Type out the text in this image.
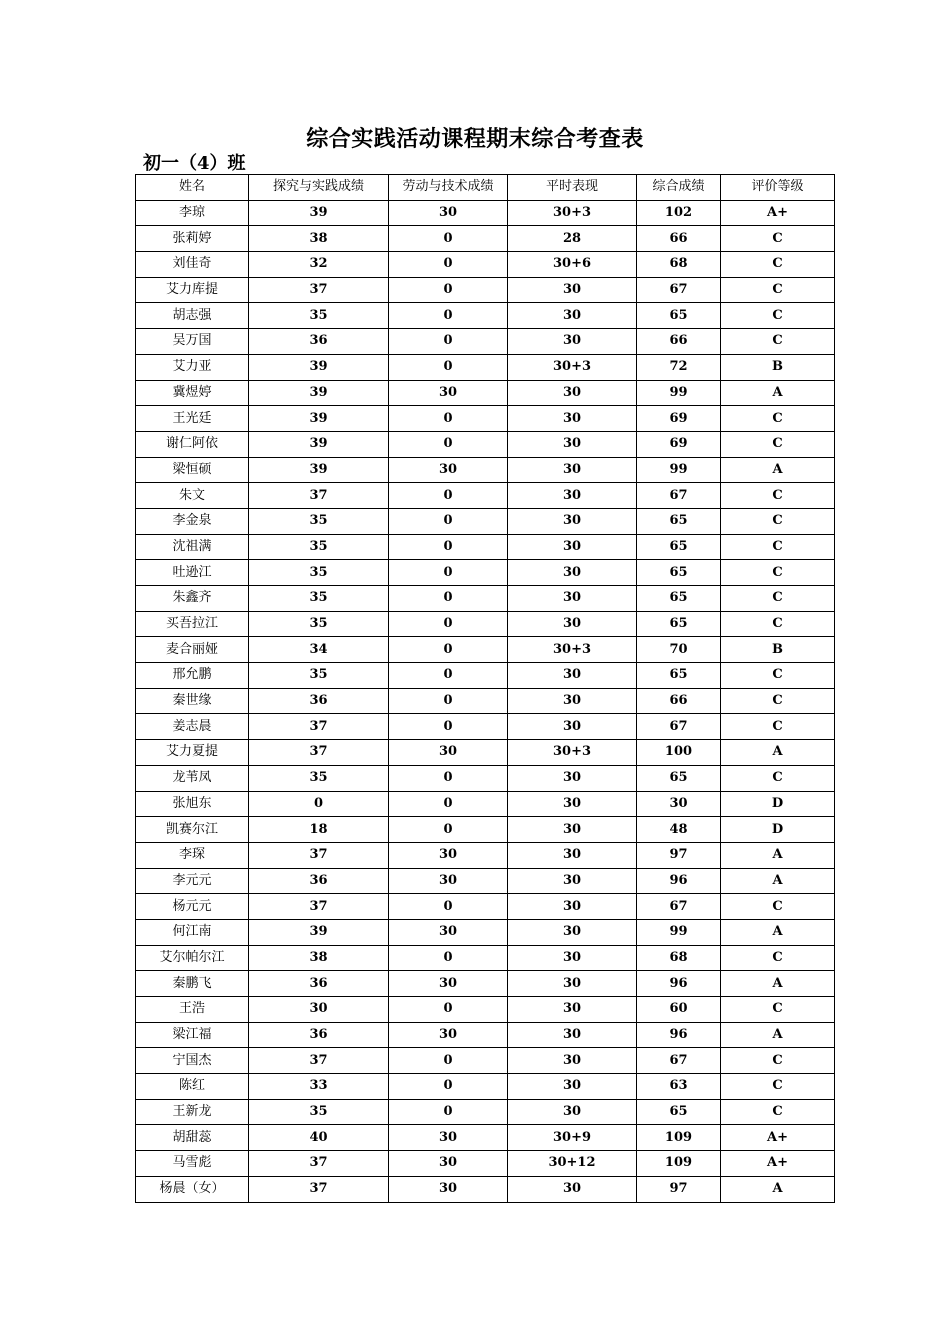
综合实践活动课程期末综合考查表
初一（4）班
姓名	探究与实践成绩	劳动与技术成绩	平时表现	综合成绩	评价等级
李琼	39	30	30+3	102	A+
张莉婷	38	0	28	66	C
刘佳奇	32	0	30+6	68	C
艾力库提	37	0	30	67	C
胡志强	35	0	30	65	C
吴万国	36	0	30	66	C
艾力亚	39	0	30+3	72	B
冀煜婷	39	30	30	99	A
王光廷	39	0	30	69	C
谢仁阿依	39	0	30	69	C
梁恒硕	39	30	30	99	A
朱文	37	0	30	67	C
李金泉	35	0	30	65	C
沈祖满	35	0	30	65	C
吐逊江	35	0	30	65	C
朱鑫齐	35	0	30	65	C
买吾拉江	35	0	30	65	C
麦合丽娅	34	0	30+3	70	B
邢允鹏	35	0	30	65	C
秦世缘	36	0	30	66	C
姜志晨	37	0	30	67	C
艾力夏提	37	30	30+3	100	A
龙苇凤	35	0	30	65	C
张旭东	0	0	30	30	D
凯赛尔江	18	0	30	48	D
李琛	37	30	30	97	A
李元元	36	30	30	96	A
杨元元	37	0	30	67	C
何江南	39	30	30	99	A
艾尔帕尔江	38	0	30	68	C
秦鹏飞	36	30	30	96	A
王浩	30	0	30	60	C
梁江福	36	30	30	96	A
宁国杰	37	0	30	67	C
陈红	33	0	30	63	C
王新龙	35	0	30	65	C
胡甜蕊	40	30	30+9	109	A+
马雪彪	37	30	30+12	109	A+
杨晨（女）	37	30	30	97	A
